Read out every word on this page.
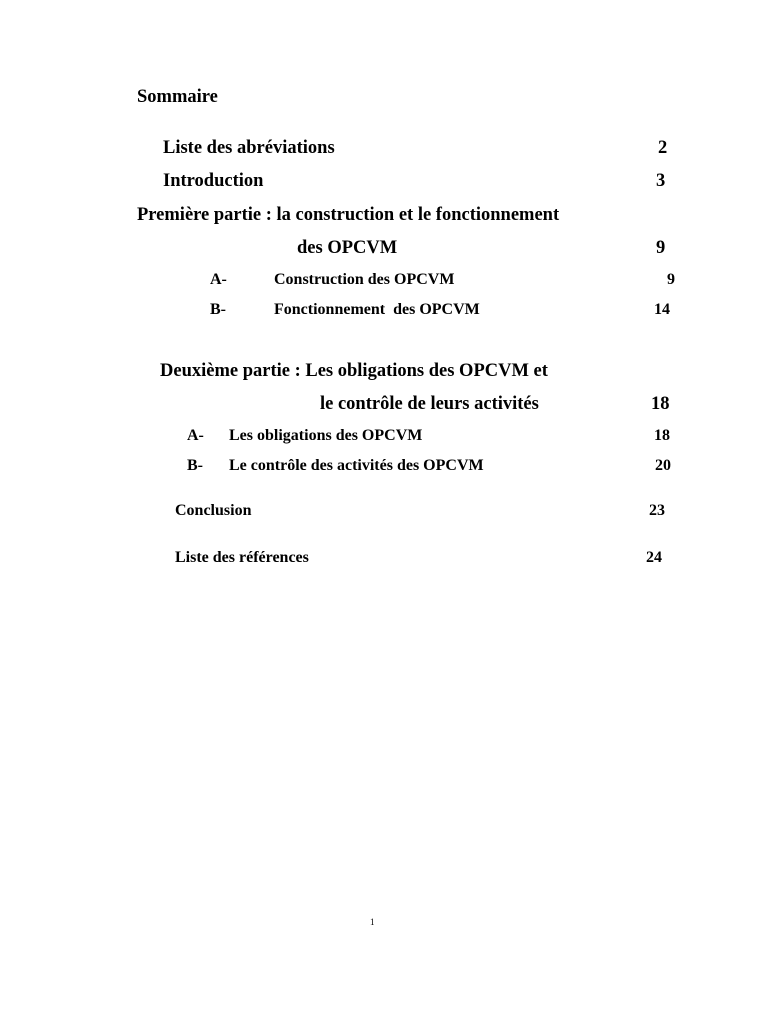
Sommaire
Liste des abréviations	2
Introduction	3
Première partie : la construction et le fonctionnement
des OPCVM	9
A-	Construction des OPCVM	9
B-	Fonctionnement  des OPCVM	14
Deuxième partie : Les obligations des OPCVM et
le contrôle de leurs activités	18
A- Les obligations des OPCVM	18
B- Le contrôle des activités des OPCVM	20
Conclusion	23
Liste des références	24
1
